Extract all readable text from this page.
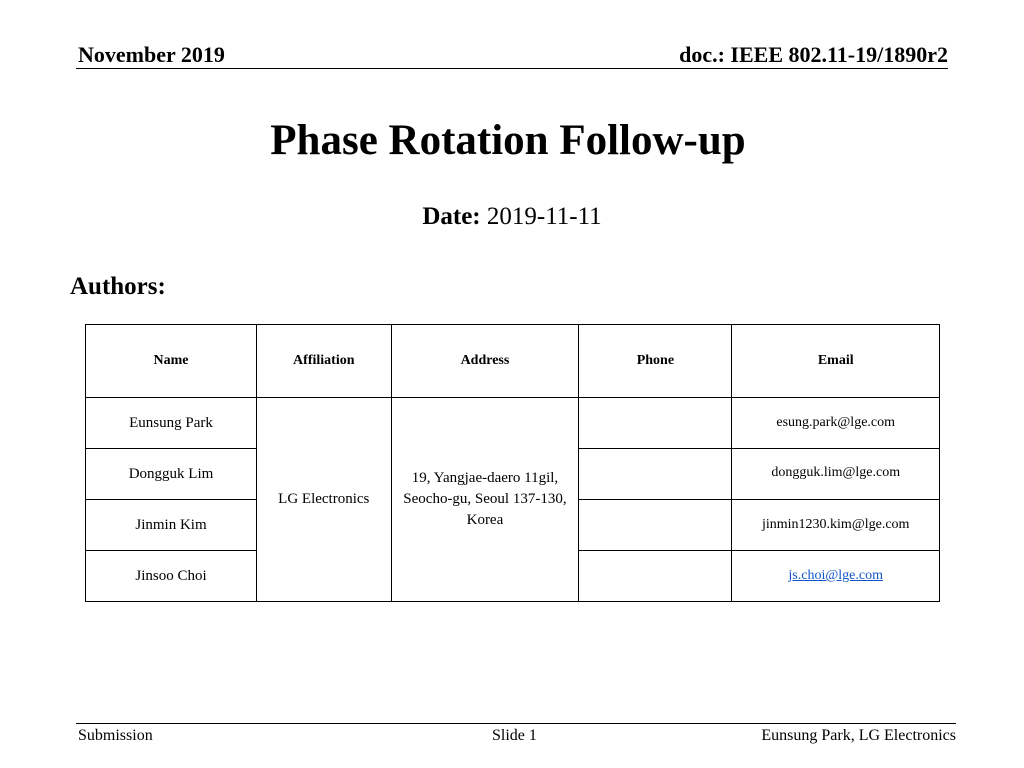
November 2019	doc.: IEEE 802.11-19/1890r2
Phase Rotation Follow-up
Date: 2019-11-11
Authors:
Name	Affiliation	Address	Phone	Email
Eunsung Park	LG Electronics	19, Yangjae-daero 11gil, Seocho-gu, Seoul 137-130, Korea		esung.park@lge.com
Dongguk Lim				dongguk.lim@lge.com
Jinmin Kim				jinmin1230.kim@lge.com
Jinsoo Choi				js.choi@lge.com
Submission	Slide 1	Eunsung Park, LG Electronics
